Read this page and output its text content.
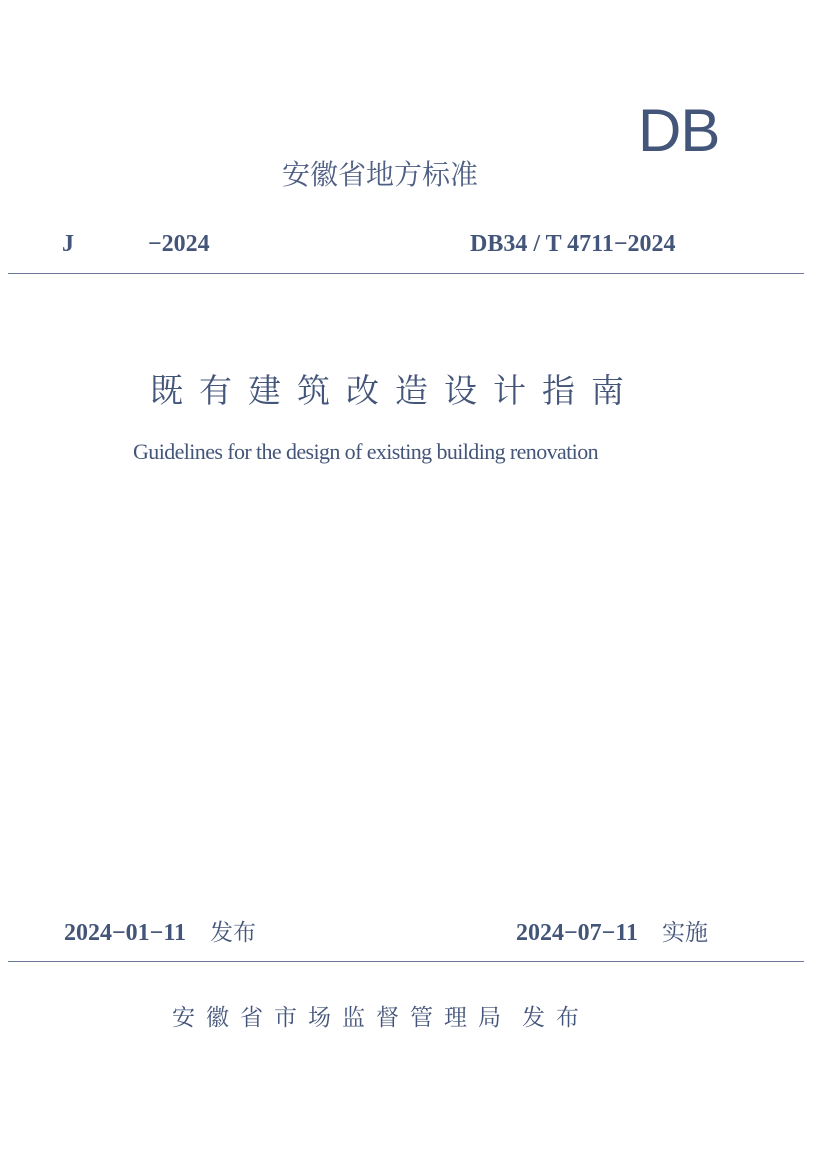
DB
安徽省地方标准
J	−2024	DB34 / T 4711−2024
既有建筑改造设计指南
Guidelines for the design of existing building renovation
2024−01−11 发布	2024−07−11 实施
安徽省市场监督管理局 发布
